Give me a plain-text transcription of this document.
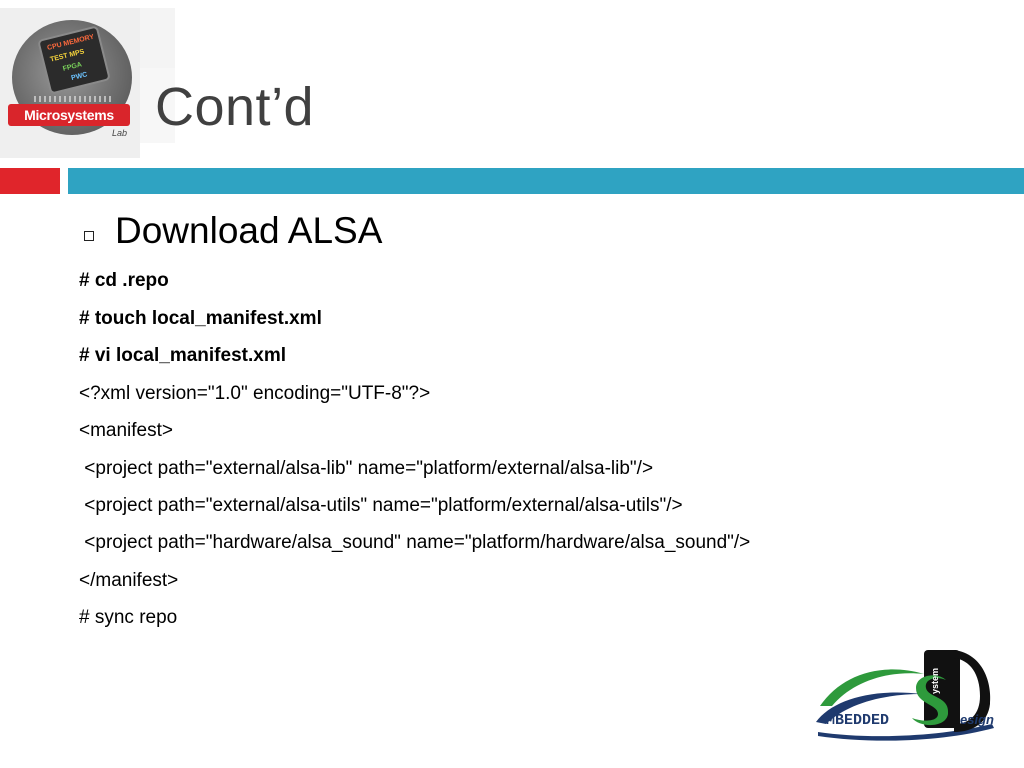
CPU MEMORY
TEST MPS
FPGA
PWC
Microsystems
Lab Cont’d
Download ALSA
# cd .repo
# touch local_manifest.xml
# vi local_manifest.xml
<?xml version="1.0" encoding="UTF-8"?>
<manifest>
<project path="external/alsa-lib" name="platform/external/alsa-lib"/>
<project path="external/alsa-utils" name="platform/external/alsa-utils"/>
<project path="hardware/alsa_sound" name="platform/hardware/alsa_sound"/>
</manifest>
# sync repo
ystem
MBEDDED	esign
